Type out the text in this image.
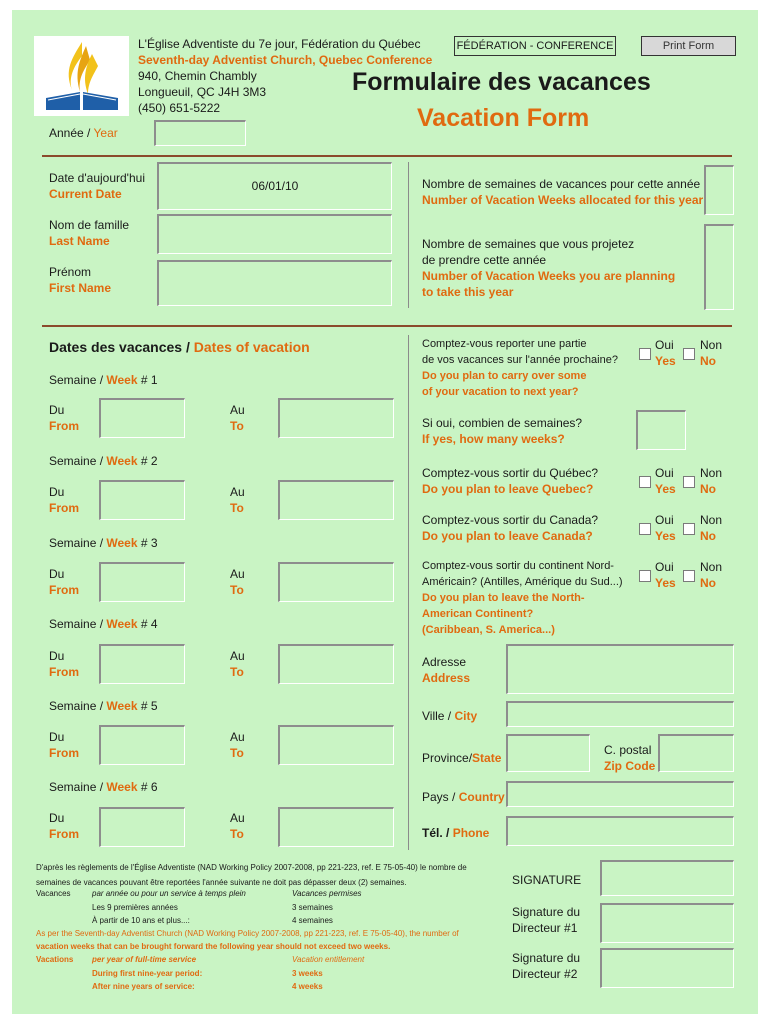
L'Église Adventiste du 7e jour, Fédération du Québec
Seventh-day Adventist Church, Quebec Conference
940, Chemin Chambly
Longueuil, QC J4H 3M3
(450) 651-5222
FÉDÉRATION - CONFERENCE	Print Form
Formulaire des vacances
Vacation Form
Année / Year
Date d'aujourd'hui
Current Date
06/01/10
Nom de famille
Last Name
Prénom
First Name
Nombre de semaines de vacances pour cette année
Number of Vacation Weeks allocated for this year
Nombre de semaines que vous projetez
de prendre cette année
Number of Vacation Weeks you are planning
to take this year
Dates des vacances / Dates of vacation
Semaine / Week # 1
Du
From
Au
To
Semaine / Week # 2
Du
From
Au
To
Semaine / Week # 3
Du
From
Au
To
Semaine / Week # 4
Du
From
Au
To
Semaine / Week # 5
Du
From
Au
To
Semaine / Week # 6
Du
From
Au
To
Comptez-vous reporter une partie
de vos vacances sur l'année prochaine?
Do you plan to carry over some
of your vacation to next year?
Oui
Yes
Non
No
Si oui, combien de semaines?
If yes, how many weeks?
Comptez-vous sortir du Québec?
Do you plan to leave Quebec?
Oui
Yes
Non
No
Comptez-vous sortir du Canada?
Do you plan to leave Canada?
Oui
Yes
Non
No
Comptez-vous sortir du continent Nord-
Américain? (Antilles, Amérique du Sud...)
Do you plan to leave the North-
American Continent?
(Caribbean, S. America...)
Oui
Yes
Non
No
Adresse
Address
Ville / City
Province/State
C. postal
Zip Code
Pays / Country
Tél. / Phone
D'après les règlements de l'Église Adventiste (NAD Working Policy 2007-2008, pp 221-223, ref. E 75-05-40) le nombre de
semaines de vacances pouvant être reportées l'année suivante ne doit pas dépasser deux (2) semaines.
Vacances	par année ou pour un service à temps plein	Vacances permises
Les 9 premières années	3 semaines
À partir de 10 ans et plus...:	4 semaines
As per the Seventh-day Adventist Church (NAD Working Policy 2007-2008, pp 221-223, ref. E 75-05-40), the number of
vacation weeks that can be brought forward the following year should not exceed two weeks.
Vacations per year of full-time service	Vacation entitlement
During first nine-year period:	3 weeks
After nine years of service:	4 weeks
SIGNATURE
Signature du
Directeur #1
Signature du
Directeur #2
